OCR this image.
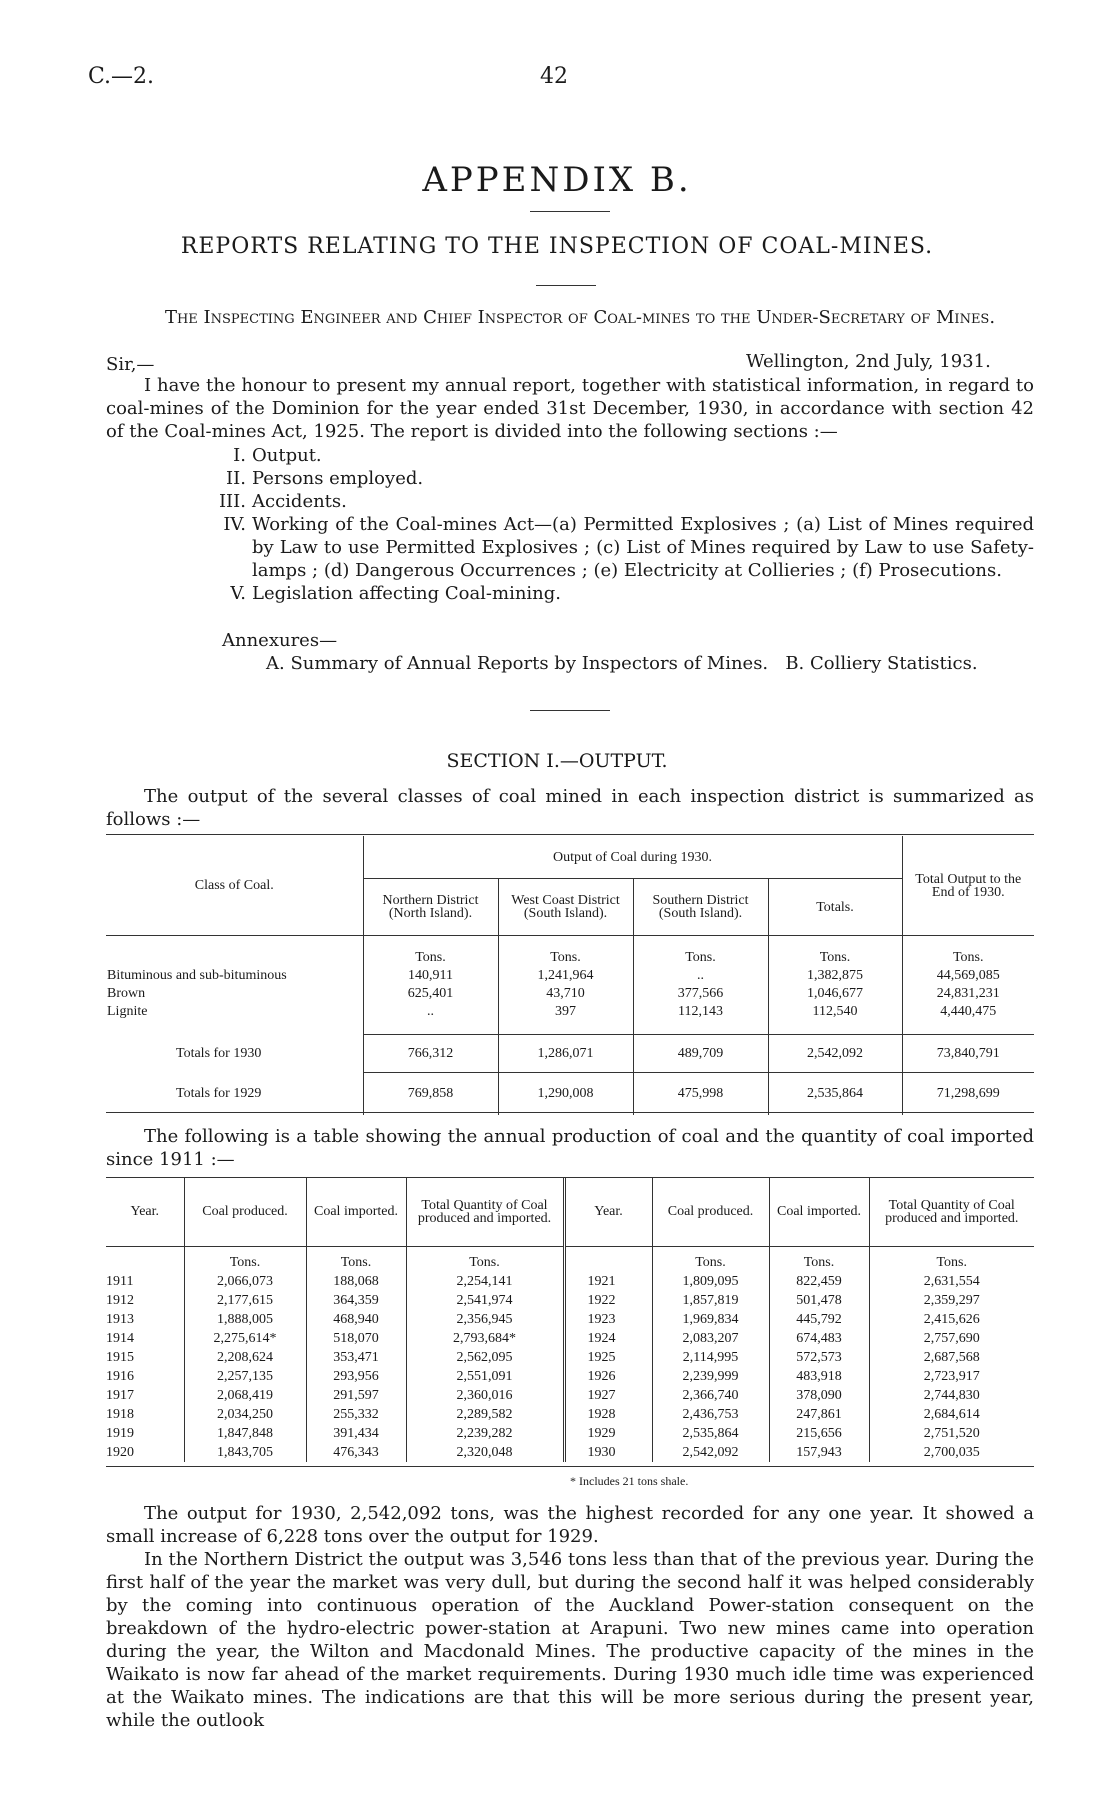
C.—2.	42
APPENDIX B.
REPORTS RELATING TO THE INSPECTION OF COAL-MINES.
The Inspecting Engineer and Chief Inspector of Coal-mines to the Under-Secretary of Mines.
Sir,—	Wellington, 2nd July, 1931.
I have the honour to present my annual report, together with statistical information, in regard to coal-mines of the Dominion for the year ended 31st December, 1930, in accordance with section 42 of the Coal-mines Act, 1925. The report is divided into the following sections :—
I. Output.
II. Persons employed.
III. Accidents.
IV. Working of the Coal-mines Act—(a) Permitted Explosives ; (a) List of Mines required by Law to use Permitted Explosives ; (c) List of Mines required by Law to use Safety-lamps ; (d) Dangerous Occurrences ; (e) Electricity at Collieries ; (f) Prosecutions.
V. Legislation affecting Coal-mining.
Annexures—
A. Summary of Annual Reports by Inspectors of Mines.   B. Colliery Statistics.
SECTION I.—OUTPUT.
The output of the several classes of coal mined in each inspection district is summarized as follows :—
Class of Coal.	Output of Coal during 1930.				Total Output to the End of 1930.
	Northern District (North Island).	West Coast District (South Island).	Southern District (South Island).	Totals.	
	Tons.	Tons.	Tons.	Tons.	Tons.
Bituminous and sub-bituminous	140,911	1,241,964	..	1,382,875	44,569,085
Brown	625,401	43,710	377,566	1,046,677	24,831,231
Lignite	..	397	112,143	112,540	4,440,475
Totals for 1930	766,312	1,286,071	489,709	2,542,092	73,840,791
Totals for 1929	769,858	1,290,008	475,998	2,535,864	71,298,699
The following is a table showing the annual production of coal and the quantity of coal imported since 1911 :—
Year.	Coal produced.	Coal imported.	Total Quantity of Coal produced and imported.	Year.	Coal produced.	Coal imported.	Total Quantity of Coal produced and imported.
	Tons.	Tons.	Tons.		Tons.	Tons.	Tons.
1911	2,066,073	188,068	2,254,141	1921	1,809,095	822,459	2,631,554
1912	2,177,615	364,359	2,541,974	1922	1,857,819	501,478	2,359,297
1913	1,888,005	468,940	2,356,945	1923	1,969,834	445,792	2,415,626
1914	2,275,614*	518,070	2,793,684*	1924	2,083,207	674,483	2,757,690
1915	2,208,624	353,471	2,562,095	1925	2,114,995	572,573	2,687,568
1916	2,257,135	293,956	2,551,091	1926	2,239,999	483,918	2,723,917
1917	2,068,419	291,597	2,360,016	1927	2,366,740	378,090	2,744,830
1918	2,034,250	255,332	2,289,582	1928	2,436,753	247,861	2,684,614
1919	1,847,848	391,434	2,239,282	1929	2,535,864	215,656	2,751,520
1920	1,843,705	476,343	2,320,048	1930	2,542,092	157,943	2,700,035
* Includes 21 tons shale.
The output for 1930, 2,542,092 tons, was the highest recorded for any one year. It showed a small increase of 6,228 tons over the output for 1929.
In the Northern District the output was 3,546 tons less than that of the previous year. During the first half of the year the market was very dull, but during the second half it was helped considerably by the coming into continuous operation of the Auckland Power-station consequent on the breakdown of the hydro-electric power-station at Arapuni. Two new mines came into operation during the year, the Wilton and Macdonald Mines. The productive capacity of the mines in the Waikato is now far ahead of the market requirements. During 1930 much idle time was experienced at the Waikato mines. The indications are that this will be more serious during the present year, while the outlook
